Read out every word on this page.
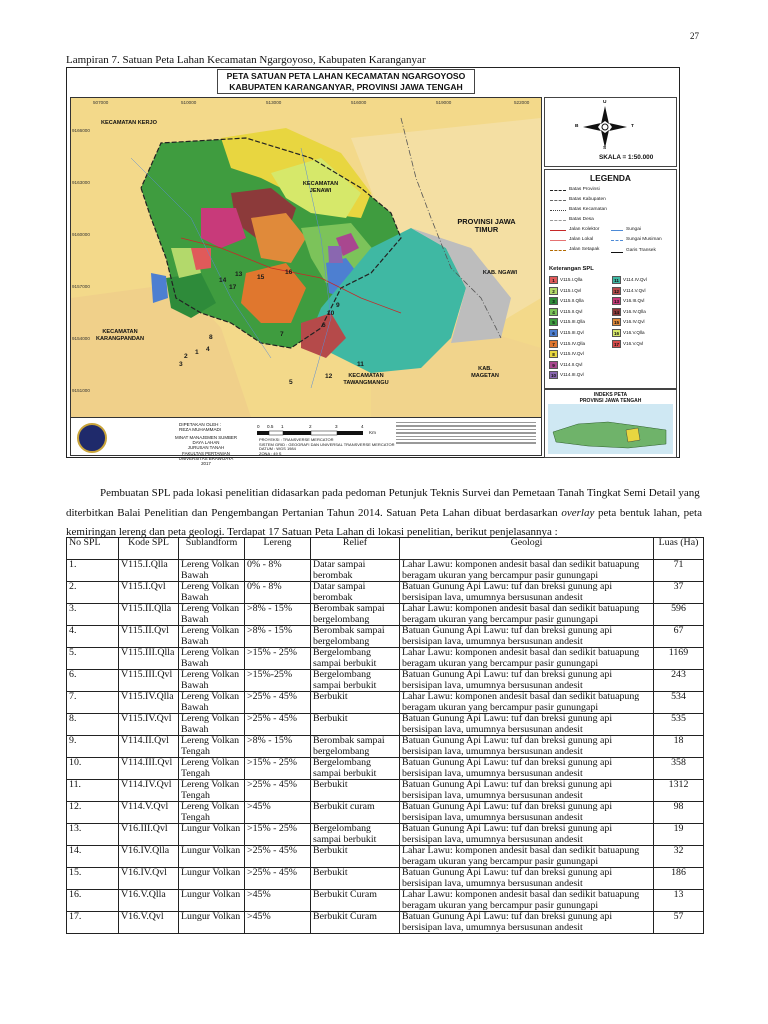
27
Lampiran 7. Satuan Peta Lahan Kecamatan Ngargoyoso, Kabupaten Karanganyar
PETA SATUAN PETA LAHAN KECAMATAN NGARGOYOSO
KABUPATEN KARANGANYAR, PROVINSI JAWA TENGAH
507000	510000	513000	516000	519000	522000
9166000
9163000
9160000
9157000
9154000
9151000
KECAMATAN KERJO
KECAMATAN JENAWI
PROVINSI JAWA TIMUR
KAB. NGAWI
KECAMATAN KARANGPANDAN
KECAMATAN TAWANGMANGU
KAB. MAGETAN
1
2
3
4
5
6
7
8
9
10
11
12
13
14	15
16
17
U
S
B	T
SKALA = 1:50.000
LEGENDA
Batas Provinsi
Batas Kabupaten
Batas Kecamatan
Batas Desa
Jalan Kolektor
Jalan Lokal
Jalan Setapak
Sungai
Sungai Musiman
Garis Transek
Keterangan SPL
1	V115.I.Qlla
2	V115.I.Qvl
3	V115.II.Qlla
4	V115.II.Qvl
5	V115.III.Qlla
6	V115.III.Qvl
7	V115.IV.Qlla
8	V115.IV.Qvl
9	V114.II.Qvl
10 V114.III.Qvl
11 V114.IV.Qvl
12 V114.V.Qvl
13 V16.III.Qvl
14 V16.IV.Qlla
15 V16.IV.Qvl
16 V16.V.Qlla
17 V16.V.Qvl
INDEKS PETA
PROVINSI JAWA TENGAH
DIPETAKAN OLEH :
REZA MUHAMMADI
MINAT MANAJEMEN SUMBER DAYA LAHAN
JURUSAN TANAH
FAKULTAS PERTANIAN
UNIVERSITAS BRAWIJAYA
2017
0 0.5 1	2	3	4
Km
PROYEKSI : TRANSVERSE MERCATOR
SISTEM GRID : GEOGRAFI DAN UNIVERSAL TRANSVERSE MERCATOR
DATUM : WGS 1984
ZONA : 49 S
Pembuatan SPL pada lokasi penelitian didasarkan pada pedoman Petunjuk Teknis Survei dan Pemetaan Tanah Tingkat Semi Detail yang
diterbitkan Balai Penelitian dan Pengembangan Pertanian Tahun 2014. Satuan Peta Lahan dibuat berdasarkan overlay peta bentuk lahan, peta kemiringan lereng dan peta geologi. Terdapat 17 Satuan Peta Lahan di lokasi penelitian, berikut penjelasannya :
No SPL	Kode SPL	Sublandform	Lereng	Relief	Geologi	Luas (Ha)
1.	V115.I.Qlla	Lereng Volkan Bawah	0% - 8%	Datar sampai berombak	Lahar Lawu: komponen andesit basal dan sedikit batuapung beragam ukuran yang bercampur pasir gunungapi	71
2.	V115.I.Qvl	Lereng Volkan Bawah	0% - 8%	Datar sampai berombak	Batuan Gunung Api Lawu: tuf dan breksi gunung api bersisipan lava, umumnya bersusunan andesit	37
3.	V115.II.Qlla	Lereng Volkan Bawah	>8% - 15%	Berombak sampai bergelombang	Lahar Lawu: komponen andesit basal dan sedikit batuapung beragam ukuran yang bercampur pasir gunungapi	596
4.	V115.II.Qvl	Lereng Volkan Bawah	>8% - 15%	Berombak sampai bergelombang	Batuan Gunung Api Lawu: tuf dan breksi gunung api bersisipan lava, umumnya bersusunan andesit	67
5.	V115.III.Qlla	Lereng Volkan Bawah	>15% - 25%	Bergelombang sampai berbukit	Lahar Lawu: komponen andesit basal dan sedikit batuapung beragam ukuran yang bercampur pasir gunungapi	1169
6.	V115.III.Qvl	Lereng Volkan Bawah	>15%-25%	Bergelombang sampai berbukit	Batuan Gunung Api Lawu: tuf dan breksi gunung api bersisipan lava, umumnya bersusunan andesit	243
7.	V115.IV.Qlla	Lereng Volkan Bawah	>25% - 45%	Berbukit	Lahar Lawu: komponen andesit basal dan sedikit batuapung beragam ukuran yang bercampur pasir gunungapi	534
8.	V115.IV.Qvl	Lereng Volkan Bawah	>25% - 45%	Berbukit	Batuan Gunung Api Lawu: tuf dan breksi gunung api bersisipan lava, umumnya bersusunan andesit	535
9.	V114.II.Qvl	Lereng Volkan Tengah	>8% - 15%	Berombak sampai bergelombang	Batuan Gunung Api Lawu: tuf dan breksi gunung api bersisipan lava, umumnya bersusunan andesit	18
10.	V114.III.Qvl	Lereng Volkan Tengah	>15% - 25%	Bergelombang sampai berbukit	Batuan Gunung Api Lawu: tuf dan breksi gunung api bersisipan lava, umumnya bersusunan andesit	358
11.	V114.IV.Qvl	Lereng Volkan Tengah	>25% - 45%	Berbukit	Batuan Gunung Api Lawu: tuf dan breksi gunung api bersisipan lava, umumnya bersusunan andesit	1312
12.	V114.V.Qvl	Lereng Volkan Tengah	>45%	Berbukit curam	Batuan Gunung Api Lawu: tuf dan breksi gunung api bersisipan lava, umumnya bersusunan andesit	98
13.	V16.III.Qvl	Lungur Volkan	>15% - 25%	Bergelombang sampai berbukit	Batuan Gunung Api Lawu: tuf dan breksi gunung api bersisipan lava, umumnya bersusunan andesit	19
14.	V16.IV.Qlla	Lungur Volkan	>25% - 45%	Berbukit	Lahar Lawu: komponen andesit basal dan sedikit batuapung beragam ukuran yang bercampur pasir gunungapi	32
15.	V16.IV.Qvl	Lungur Volkan	>25% - 45%	Berbukit	Batuan Gunung Api Lawu: tuf dan breksi gunung api bersisipan lava, umumnya bersusunan andesit	186
16.	V16.V.Qlla	Lungur Volkan	>45%	Berbukit Curam	Lahar Lawu: komponen andesit basal dan sedikit batuapung beragam ukuran yang bercampur pasir gunungapi	13
17.	V16.V.Qvl	Lungur Volkan	>45%	Berbukit Curam	Batuan Gunung Api Lawu: tuf dan breksi gunung api bersisipan lava, umumnya bersusunan andesit	57
